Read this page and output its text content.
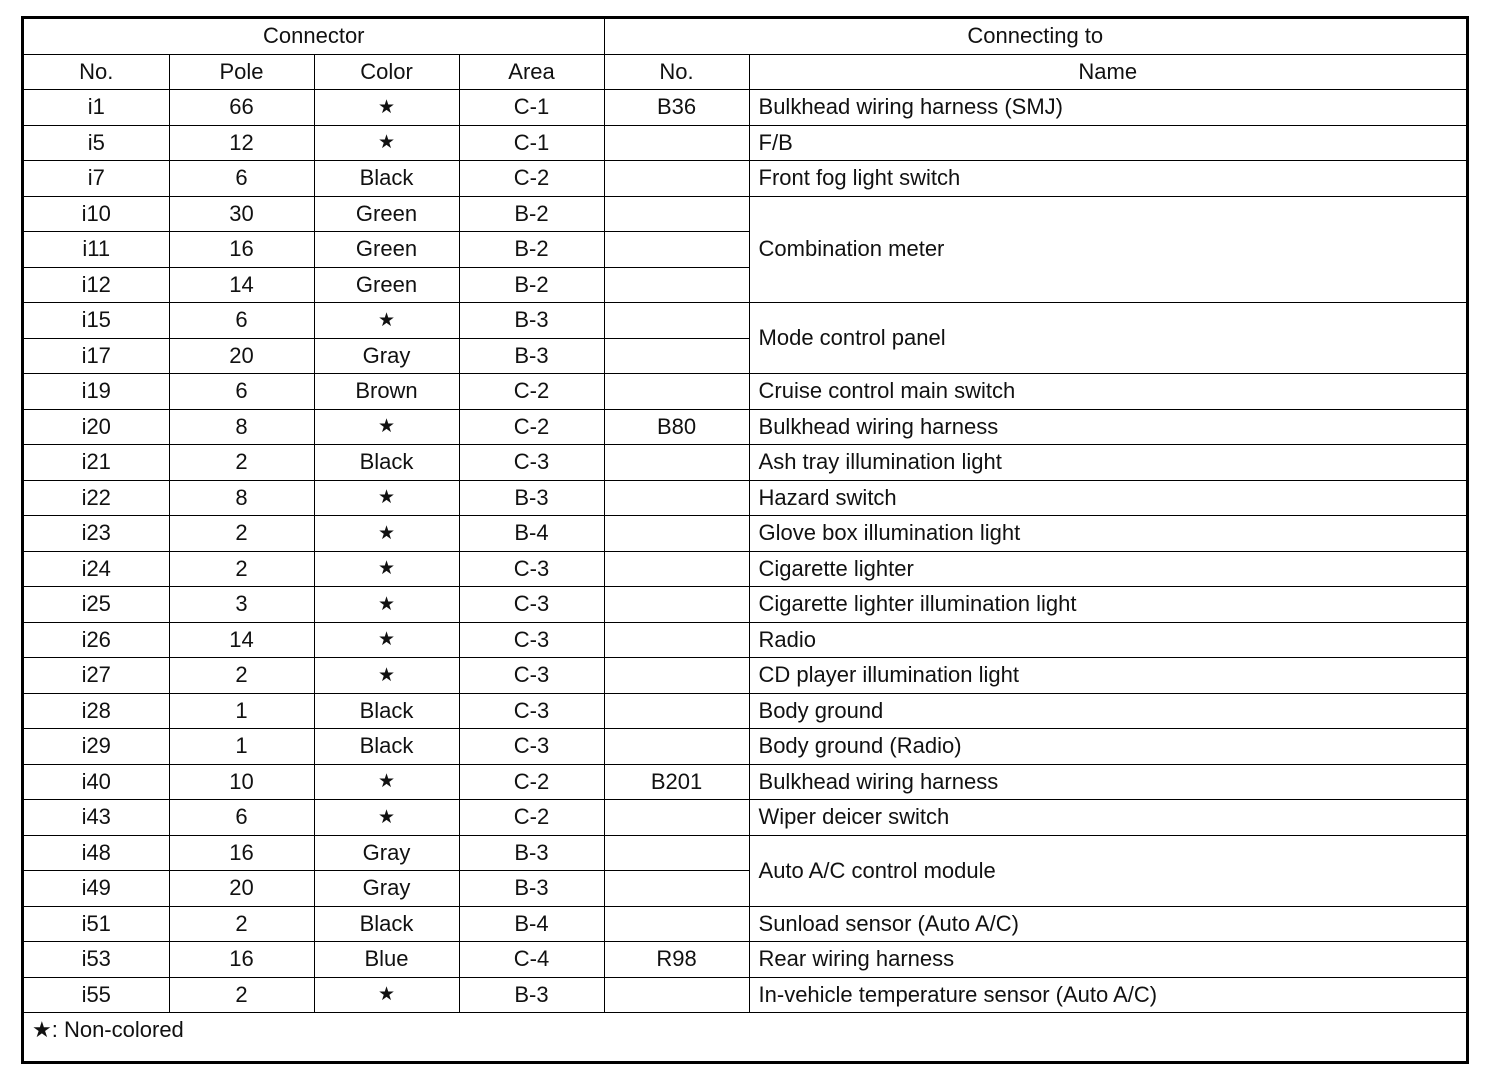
Connector				Connecting to	
No.	Pole	Color	Area	No.	Name
i1	66	★	C-1	B36	Bulkhead wiring harness (SMJ)
i5	12	★	C-1		F/B
i7	6	Black	C-2		Front fog light switch
i10	30	Green	B-2		Combination meter
i11	16	Green	B-2		
i12	14	Green	B-2		
i15	6	★	B-3		Mode control panel
i17	20	Gray	B-3		
i19	6	Brown	C-2		Cruise control main switch
i20	8	★	C-2	B80	Bulkhead wiring harness
i21	2	Black	C-3		Ash tray illumination light
i22	8	★	B-3		Hazard switch
i23	2	★	B-4		Glove box illumination light
i24	2	★	C-3		Cigarette lighter
i25	3	★	C-3		Cigarette lighter illumination light
i26	14	★	C-3		Radio
i27	2	★	C-3		CD player illumination light
i28	1	Black	C-3		Body ground
i29	1	Black	C-3		Body ground (Radio)
i40	10	★	C-2	B201	Bulkhead wiring harness
i43	6	★	C-2		Wiper deicer switch
i48	16	Gray	B-3		Auto A/C control module
i49	20	Gray	B-3		
i51	2	Black	B-4		Sunload sensor (Auto A/C)
i53	16	Blue	C-4	R98	Rear wiring harness
i55	2	★	B-3		In-vehicle temperature sensor (Auto A/C)
★: Non-colored					
